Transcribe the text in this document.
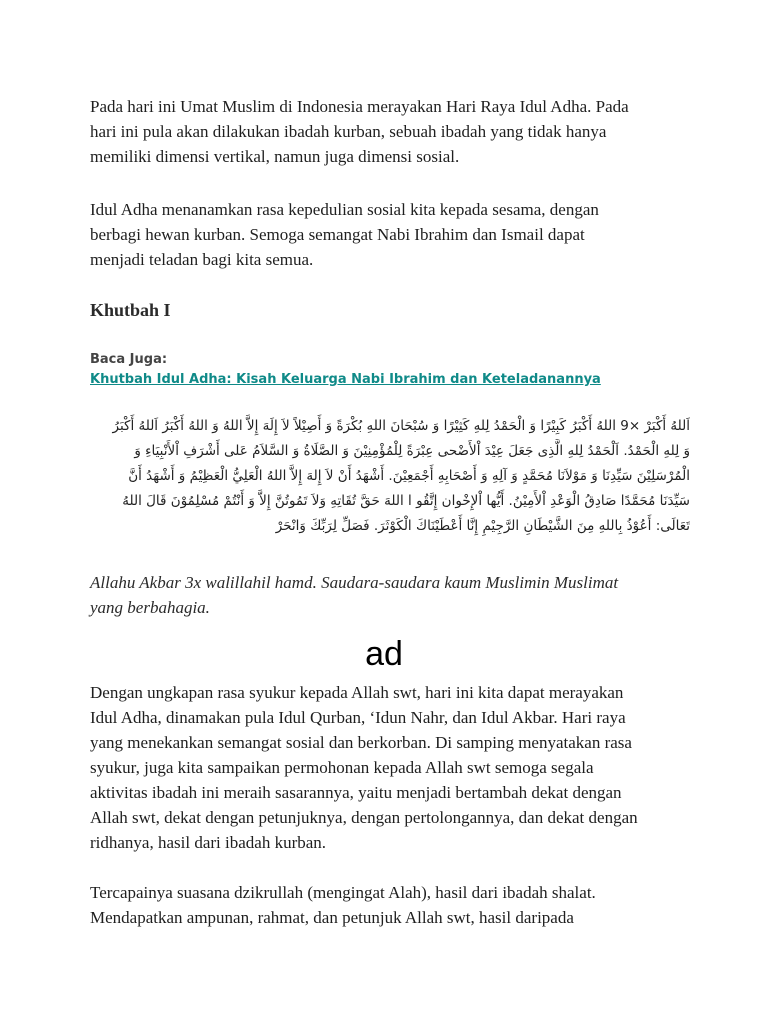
Pada hari ini Umat Muslim di Indonesia merayakan Hari Raya Idul Adha. Pada
hari ini pula akan dilakukan ibadah kurban, sebuah ibadah yang tidak hanya
memiliki dimensi vertikal, namun juga dimensi sosial.

Idul Adha menanamkan rasa kepedulian sosial kita kepada sesama, dengan
berbagi hewan kurban. Semoga semangat Nabi Ibrahim dan Ismail dapat
menjadi teladan bagi kita semua.

Khutbah I
Baca Juga:
Khutbah Idul Adha: Kisah Keluarga Nabi Ibrahim dan Keteladanannya

اَللهُ أَكْبَرْ ×9 اللهُ أَكْبَرُ كَبِيْرًا وَ الْحَمْدُ لِلهِ كَثِيْرًا وَ سُبْحَانَ اللهِ بُكْرَةً وَ أَصِيْلاً لاَ إِلَهَ إِلاَّ اللهُ وَ اللهُ أَكْبَرُ اَللهُ أَكْبَرُ
وَ لِلهِ الْحَمْدُ. اَلْحَمْدُ لِلهِ الَّذِى جَعَلَ عِيْدَ اْلأَضْحى عِبْرَةً لِلْمُؤْمِنِيْنَ وَ الصَّلَاةُ وَ السَّلاَمُ عَلى أَشْرَفِ اْلأَنْبِيَاءِ وَ
الْمُرْسَلِيْنَ سَيِّدِنَا وَ مَوْلاَنَا مُحَمَّدٍ وَ آلِهِ وَ أَصْحَابِهِ أَجْمَعِيْنَ. أَشْهَدُ أَنْ لاَ إِلهَ إِلاَّ اللهُ الْعَلِيُّ الْعَظِيْمُ وَ أَشْهَدُ أَنَّ
سَيِّدَنَا مُحَمَّدًا صَادِقُ الْوَعْدِ اْلأَمِيْنُ. أَيُّها اْلإِخْوان إِتَّقُو ا اللهَ حَقَّ تُقَاتِهِ وَلاَ تَمُوتُنَّ إِلاَّ وَ أَنْتُمْ مُسْلِمُوْنَ قَالَ اللهُ
تَعَالَى: أَعُوْذُ بِاللهِ مِنَ الشَّيْطَانِ الرَّجِيْمِ إِنَّا أَعْطَيْنَاكَ الْكَوْثَرَ. فَصَلِّ لِرَبِّكَ وَانْحَرْ

Allahu Akbar 3x walillahil hamd. Saudara-saudara kaum Muslimin Muslimat
yang berbahagia.

ad

Dengan ungkapan rasa syukur kepada Allah swt, hari ini kita dapat merayakan
Idul Adha, dinamakan pula Idul Qurban, ‘Idun Nahr, dan Idul Akbar. Hari raya
yang menekankan semangat sosial dan berkorban. Di samping menyatakan rasa
syukur, juga kita sampaikan permohonan kepada Allah swt semoga segala
aktivitas ibadah ini meraih sasarannya, yaitu menjadi bertambah dekat dengan
Allah swt, dekat dengan petunjuknya, dengan pertolongannya, dan dekat dengan
ridhanya, hasil dari ibadah kurban.

Tercapainya suasana dzikrullah (mengingat Alah), hasil dari ibadah shalat.
Mendapatkan ampunan, rahmat, dan petunjuk Allah swt, hasil daripada
